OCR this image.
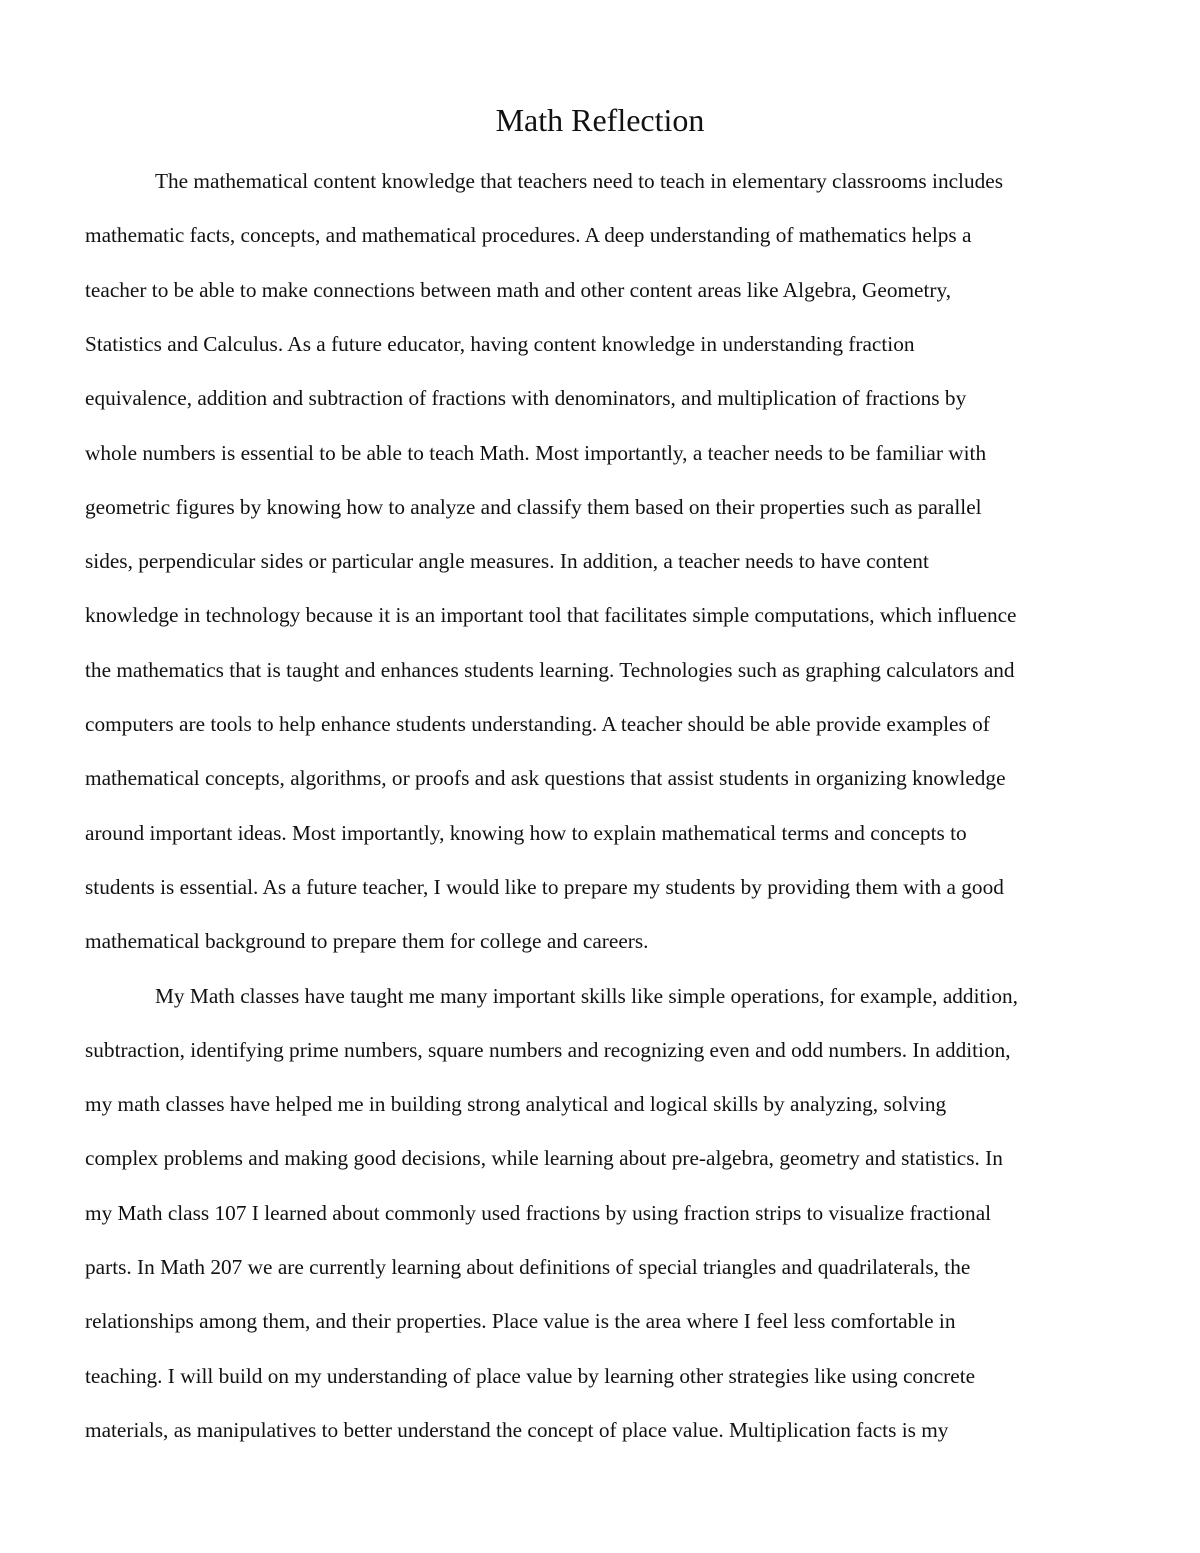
Math Reflection
The mathematical content knowledge that teachers need to teach in elementary classrooms includes
mathematic facts, concepts, and mathematical procedures. A deep understanding of mathematics helps a
teacher to be able to make connections between math and other content areas like Algebra, Geometry,
Statistics and Calculus. As a future educator, having content knowledge in understanding fraction
equivalence, addition and subtraction of fractions with denominators, and multiplication of fractions by
whole numbers is essential to be able to teach Math. Most importantly, a teacher needs to be familiar with
geometric figures by knowing how to analyze and classify them based on their properties such as parallel
sides, perpendicular sides or particular angle measures. In addition, a teacher needs to have content
knowledge in technology because it is an important tool that facilitates simple computations, which influence
the mathematics that is taught and enhances students learning. Technologies such as graphing calculators and
computers are tools to help enhance students understanding. A teacher should be able provide examples of
mathematical concepts, algorithms, or proofs and ask questions that assist students in organizing knowledge
around important ideas. Most importantly, knowing how to explain mathematical terms and concepts to
students is essential. As a future teacher, I would like to prepare my students by providing them with a good
mathematical background to prepare them for college and careers.
My Math classes have taught me many important skills like simple operations, for example, addition,
subtraction, identifying prime numbers, square numbers and recognizing even and odd numbers. In addition,
my math classes have helped me in building strong analytical and logical skills by analyzing, solving
complex problems and making good decisions, while learning about pre-algebra, geometry and statistics. In
my Math class 107 I learned about commonly used fractions by using fraction strips to visualize fractional
parts. In Math 207 we are currently learning about definitions of special triangles and quadrilaterals, the
relationships among them, and their properties. Place value is the area where I feel less comfortable in
teaching. I will build on my understanding of place value by learning other strategies like using concrete
materials, as manipulatives to better understand the concept of place value. Multiplication facts is my
